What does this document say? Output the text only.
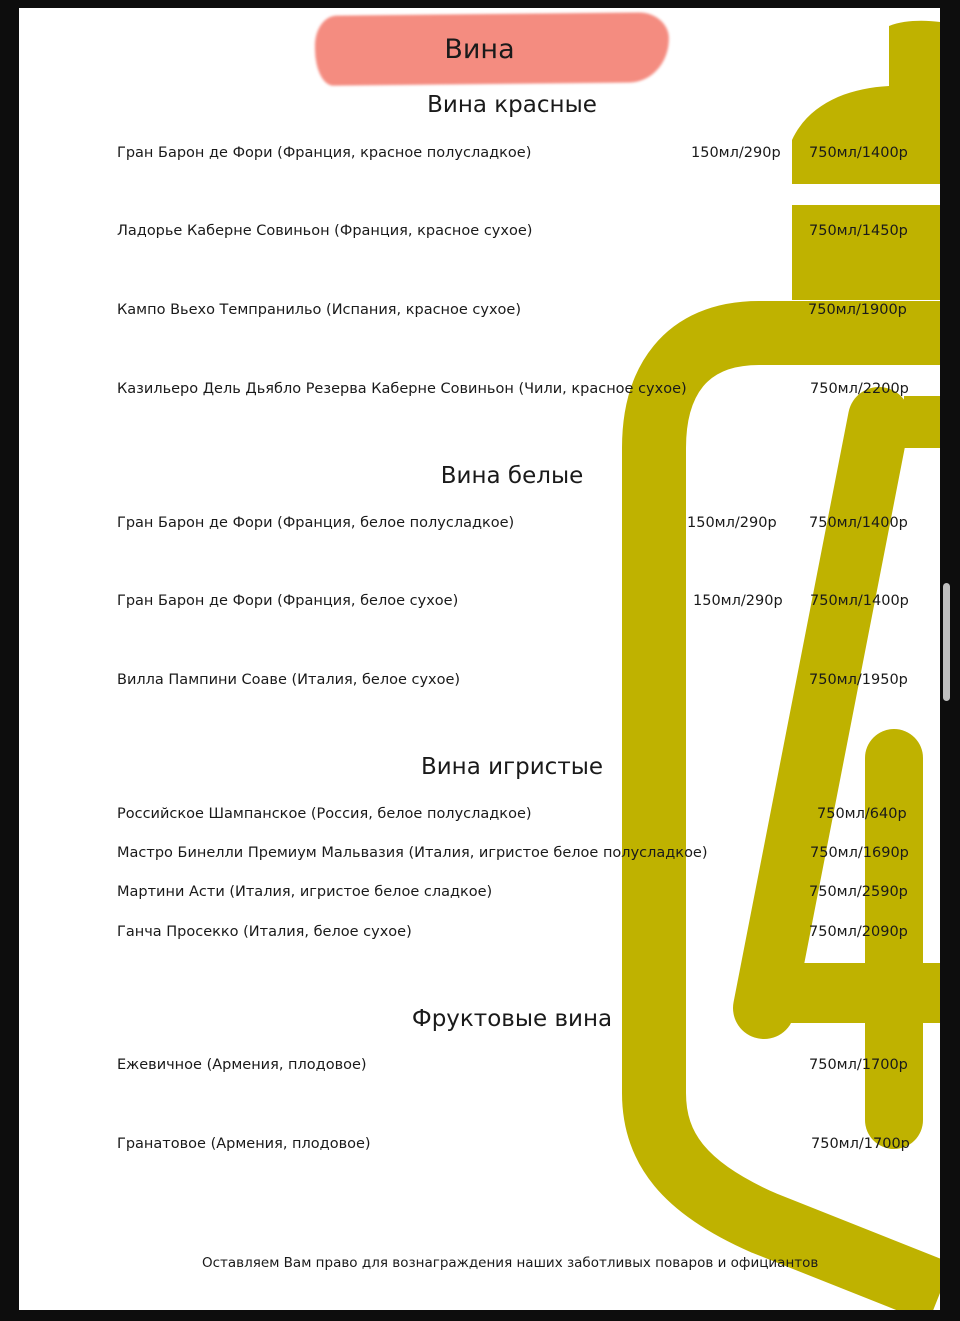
Вина
Вина красные
Гран Барон де Фори (Франция, красное полусладкое)	150мл/290р 750мл/1400р
Ладорье Каберне Совиньон (Франция, красное сухое)	750мл/1450р
Кампо Вьехо Темпранильо (Испания, красное сухое)	750мл/1900р
Казильеро Дель Дьябло Резерва Каберне Совиньон (Чили, красное сухое)	750мл/2200р
Вина белые
Гран Барон де Фори (Франция, белое полусладкое)	150мл/290р 750мл/1400р
Гран Барон де Фори (Франция, белое сухое)	150мл/290р 750мл/1400р
Вилла Пампини Соаве (Италия, белое сухое)	750мл/1950р
Вина игристые
Российское Шампанское (Россия, белое полусладкое)	750мл/640р
Мастро Бинелли Премиум Мальвазия (Италия, игристое белое полусладкое)	750мл/1690р
Мартини Асти (Италия, игристое белое сладкое)	750мл/2590р
Ганча Просекко (Италия, белое сухое)	750мл/2090р
Фруктовые вина
Ежевичное (Армения, плодовое)	750мл/1700р
Гранатовое (Армения, плодовое)	750мл/1700р
Оставляем Вам право для вознаграждения наших заботливых поваров и официантов
